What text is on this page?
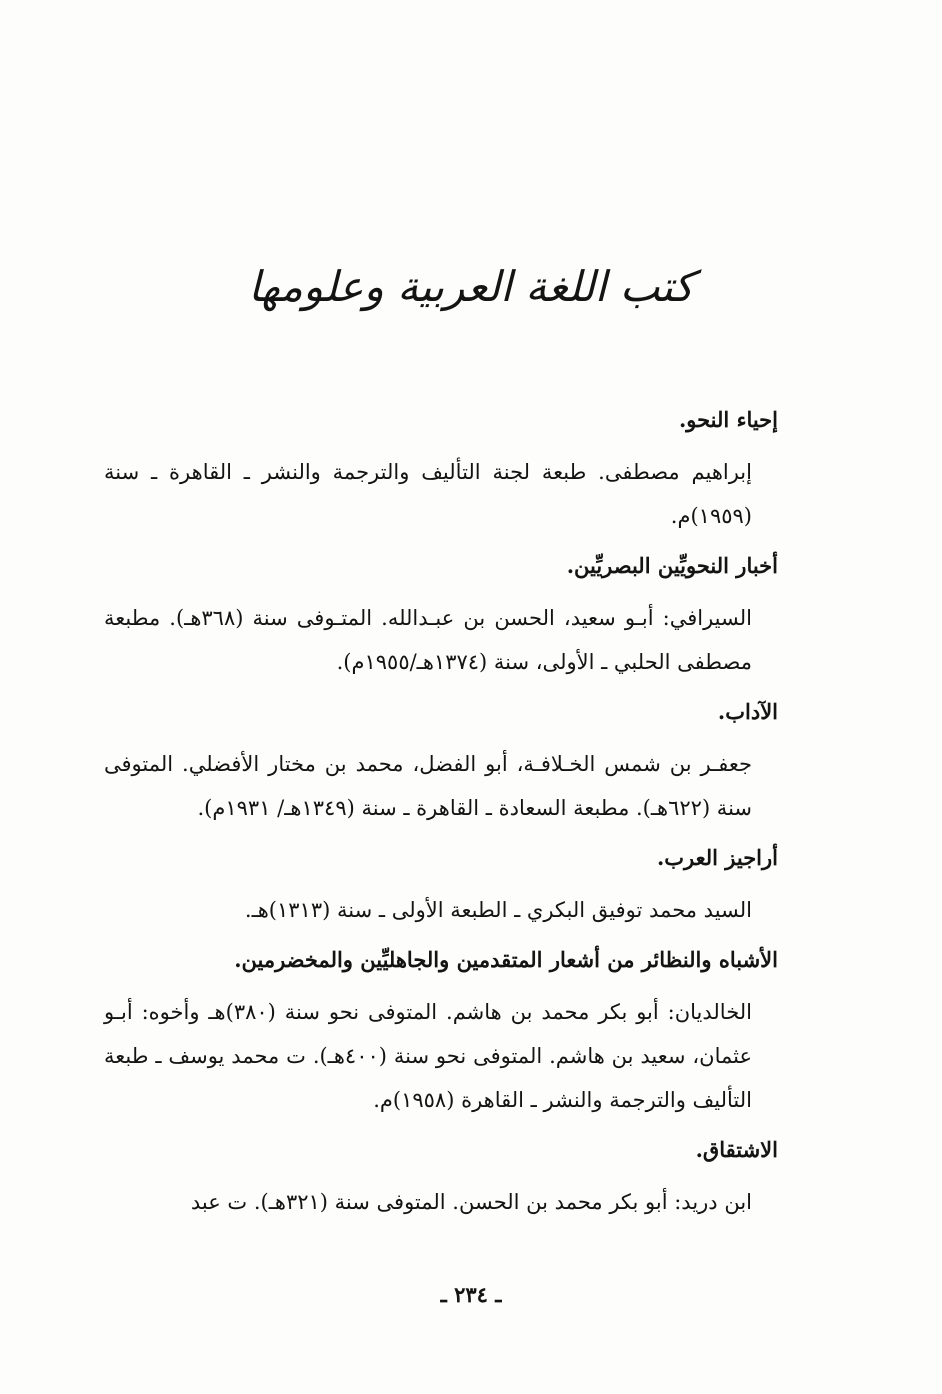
كتب اللغة العربية وعلومها

إحياء النحو.

إبراهيم مصطفى. طبعة لجنة التأليف والترجمة والنشر ـ القاهرة ـ سنة (١٩٥٩)م.

أخبار النحويِّين البصريِّين.

السيرافي: أبـو سعيد، الحسن بن عبـدالله. المتـوفى سنة (٣٦٨هـ). مطبعة مصطفى الحلبي ـ الأولى، سنة (١٣٧٤هـ/١٩٥٥م).

الآداب.

جعفـر بن شمس الخـلافـة، أبو الفضل، محمد بن مختار الأفضلي. المتوفى سنة (٦٢٢هـ). مطبعة السعادة ـ القاهرة ـ سنة (١٣٤٩هـ/ ١٩٣١م).

أراجيز العرب.

السيد محمد توفيق البكري ـ الطبعة الأولى ـ سنة (١٣١٣)هـ.

الأشباه والنظائر من أشعار المتقدمين والجاهليِّين والمخضرمين.

الخالديان: أبو بكر محمد بن هاشم. المتوفى نحو سنة (٣٨٠)هـ وأخوه: أبـو عثمان، سعيد بن هاشم. المتوفى نحو سنة (٤٠٠هـ). ت محمد يوسف ـ طبعة التأليف والترجمة والنشر ـ القاهرة (١٩٥٨)م.

الاشتقاق.

ابن دريد: أبو بكر محمد بن الحسن. المتوفى سنة (٣٢١هـ). ت عبد

ـ ٢٣٤ ـ
